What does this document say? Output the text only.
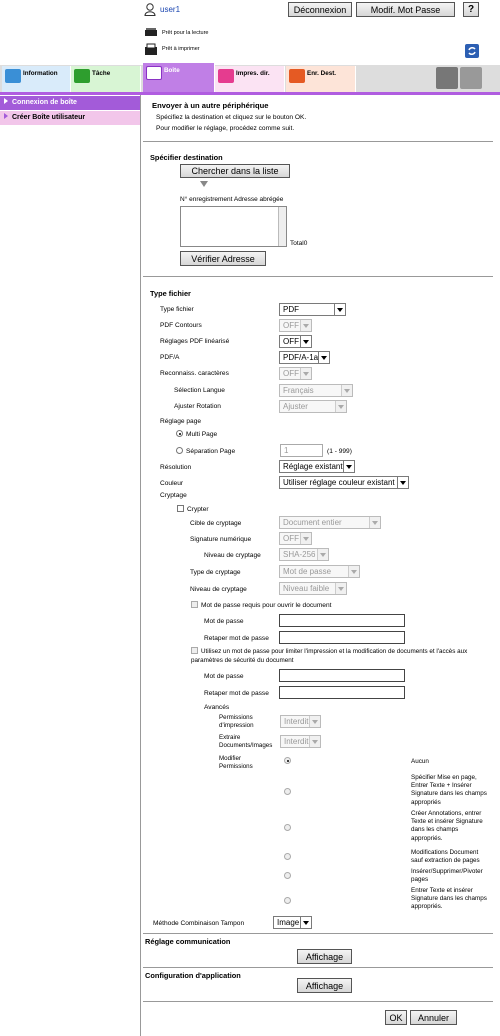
user1	Déconnexion	Modif. Mot Passe	?
Prêt pour la lecture
Prêt à imprimer
Information	Tâche	Boîte	Impres. dir.	Enr. Dest.
Connexion de boîte
Créer Boîte utilisateur
Envoyer à un autre périphérique
Spécifiez la destination et cliquez sur le bouton OK.
Pour modifier le réglage, procédez comme suit.
Spécifier destination
Chercher dans la liste
N° enregistrement Adresse abrégée
Total0
Vérifier Adresse
Type fichier
Type fichier	PDF
PDF Contours	OFF
Réglages PDF linéarisé	OFF
PDF/A	PDF/A-1a
Reconnaiss. caractères	OFF
Sélection Langue	Français
Ajuster Rotation	Ajuster
Réglage page
Multi Page
Séparation Page	1	(1 - 999)
Résolution	Réglage existant
Couleur	Utiliser réglage couleur existant
Cryptage
Crypter
Cible de cryptage	Document entier
Signature numérique	OFF
Niveau de cryptage	SHA-256
Type de cryptage	Mot de passe
Niveau de cryptage	Niveau faible
Mot de passe requis pour ouvrir le document
Mot de passe
Retaper mot de passe
Utilisez un mot de passe pour limiter l'impression et la modification de documents et l'accès aux
paramètres de sécurité du document
Mot de passe
Retaper mot de passe
Avancés
Permissions
d'impression	Interdit
Extraire
Documents/Images	Interdit
Modifier
Permissions
Aucun
Spécifier Mise en page, Entrer Texte + Insérer Signature dans les champs appropriés
Créer Annotations, entrer Texte et insérer Signature dans les champs appropriés.
Modifications Document sauf extraction de pages
Insérer/Supprimer/Pivoter pages
Entrer Texte et insérer Signature dans les champs appropriés.
Méthode Combinaison Tampon	Image
Réglage communication
Affichage
Configuration d'application
Affichage
OK	Annuler
